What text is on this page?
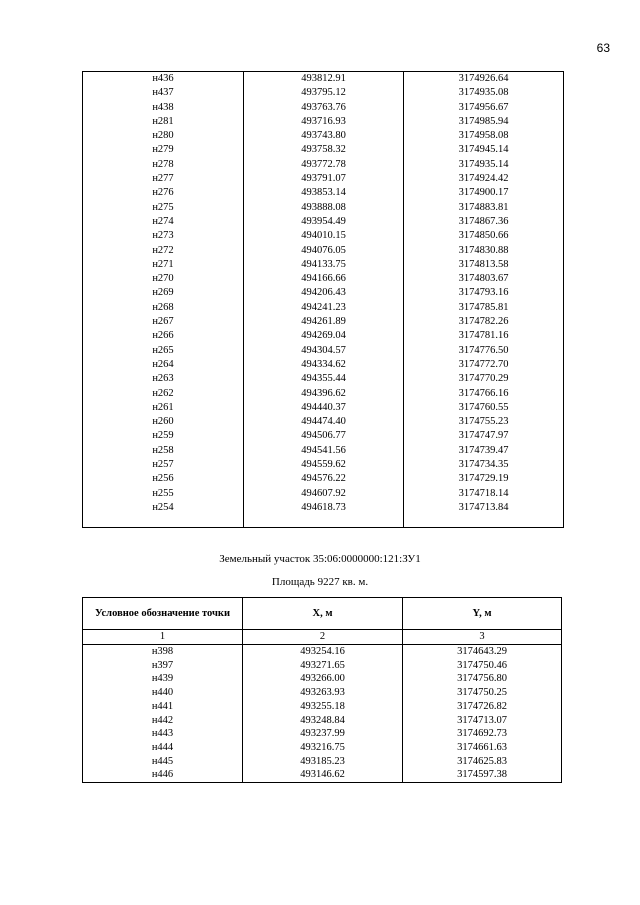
63
н436	493812.91	3174926.64
н437	493795.12	3174935.08
н438	493763.76	3174956.67
н281	493716.93	3174985.94
н280	493743.80	3174958.08
н279	493758.32	3174945.14
н278	493772.78	3174935.14
н277	493791.07	3174924.42
н276	493853.14	3174900.17
н275	493888.08	3174883.81
н274	493954.49	3174867.36
н273	494010.15	3174850.66
н272	494076.05	3174830.88
н271	494133.75	3174813.58
н270	494166.66	3174803.67
н269	494206.43	3174793.16
н268	494241.23	3174785.81
н267	494261.89	3174782.26
н266	494269.04	3174781.16
н265	494304.57	3174776.50
н264	494334.62	3174772.70
н263	494355.44	3174770.29
н262	494396.62	3174766.16
н261	494440.37	3174760.55
н260	494474.40	3174755.23
н259	494506.77	3174747.97
н258	494541.56	3174739.47
н257	494559.62	3174734.35
н256	494576.22	3174729.19
н255	494607.92	3174718.14
н254	494618.73	3174713.84

Земельный участок 35:06:0000000:121:ЗУ1
Площадь 9227 кв. м.
Условное обозначение точки	X, м	Y, м
1	2	3
н398	493254.16	3174643.29
н397	493271.65	3174750.46
н439	493266.00	3174756.80
н440	493263.93	3174750.25
н441	493255.18	3174726.82
н442	493248.84	3174713.07
н443	493237.99	3174692.73
н444	493216.75	3174661.63
н445	493185.23	3174625.83
н446	493146.62	3174597.38
